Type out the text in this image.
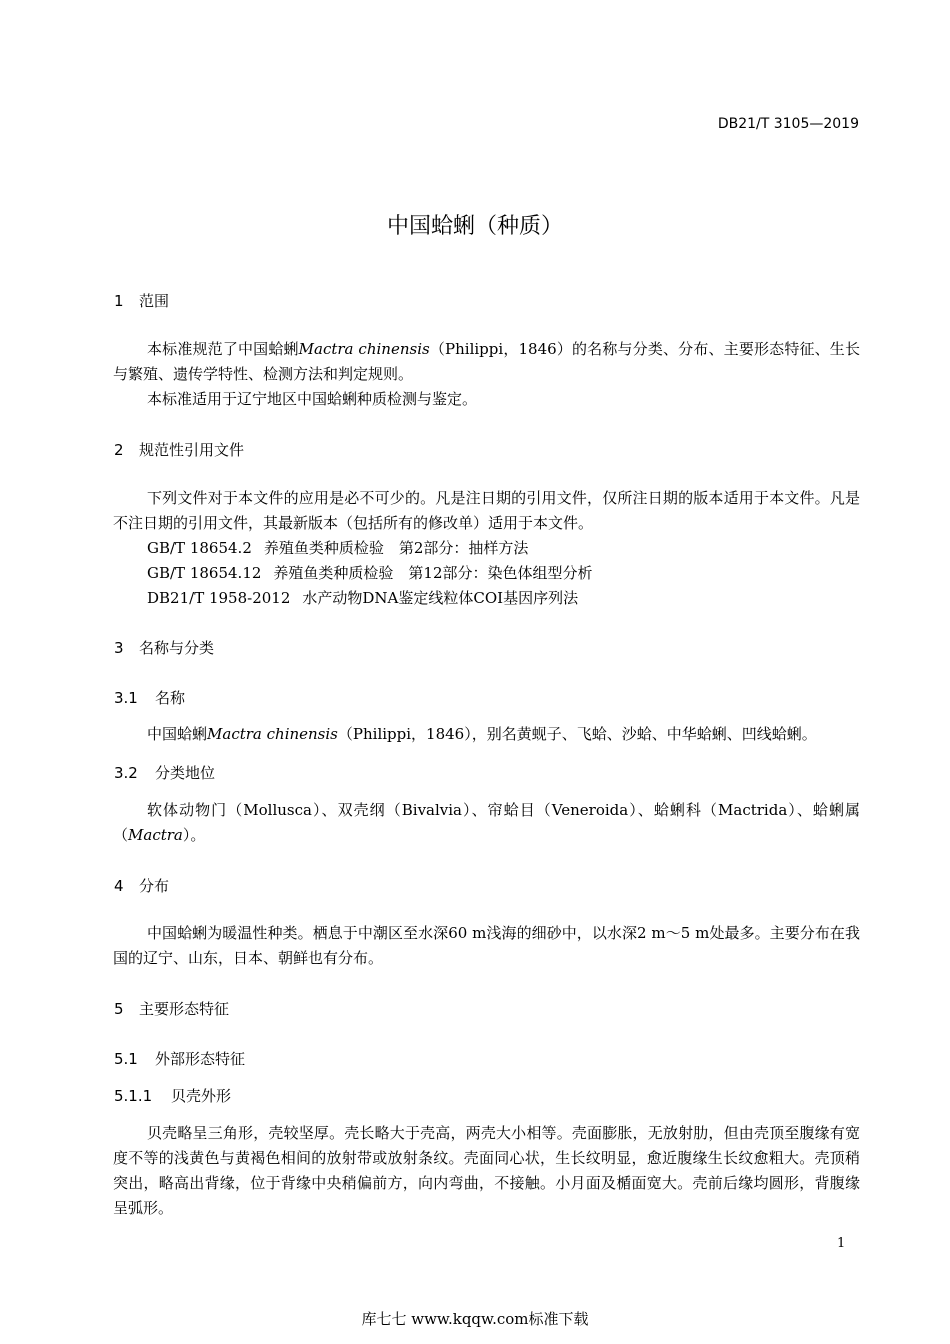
DB21/T 3105—2019
中国蛤蜊（种质）
1 范围
本标准规范了中国蛤蜊Mactra chinensis（Philippi，1846）的名称与分类、分布、主要形态特征、生长与繁殖、遗传学特性、检测方法和判定规则。
本标准适用于辽宁地区中国蛤蜊种质检测与鉴定。
2 规范性引用文件
下列文件对于本文件的应用是必不可少的。凡是注日期的引用文件，仅所注日期的版本适用于本文件。凡是不注日期的引用文件，其最新版本（包括所有的修改单）适用于本文件。
GB/T 18654.2 养殖鱼类种质检验　第2部分：抽样方法
GB/T 18654.12 养殖鱼类种质检验　第12部分：染色体组型分析
DB21/T 1958-2012 水产动物DNA鉴定线粒体COI基因序列法
3 名称与分类
3.1 名称
中国蛤蜊Mactra chinensis（Philippi，1846），别名黄蚬子、飞蛤、沙蛤、中华蛤蜊、凹线蛤蜊。
3.2 分类地位
软体动物门（Mollusca）、双壳纲（Bivalvia）、帘蛤目（Veneroida）、蛤蜊科（Mactrida）、蛤蜊属（Mactra）。
4 分布
中国蛤蜊为暖温性种类。栖息于中潮区至水深60 m浅海的细砂中，以水深2 m～5 m处最多。主要分布在我国的辽宁、山东，日本、朝鲜也有分布。
5 主要形态特征
5.1 外部形态特征
5.1.1 贝壳外形
贝壳略呈三角形，壳较坚厚。壳长略大于壳高，两壳大小相等。壳面膨胀，无放射肋，但由壳顶至腹缘有宽度不等的浅黄色与黄褐色相间的放射带或放射条纹。壳面同心状，生长纹明显，愈近腹缘生长纹愈粗大。壳顶稍突出，略高出背缘，位于背缘中央稍偏前方，向内弯曲，不接触。小月面及楯面宽大。壳前后缘均圆形，背腹缘呈弧形。
1
库七七 www.kqqw.com标准下载
